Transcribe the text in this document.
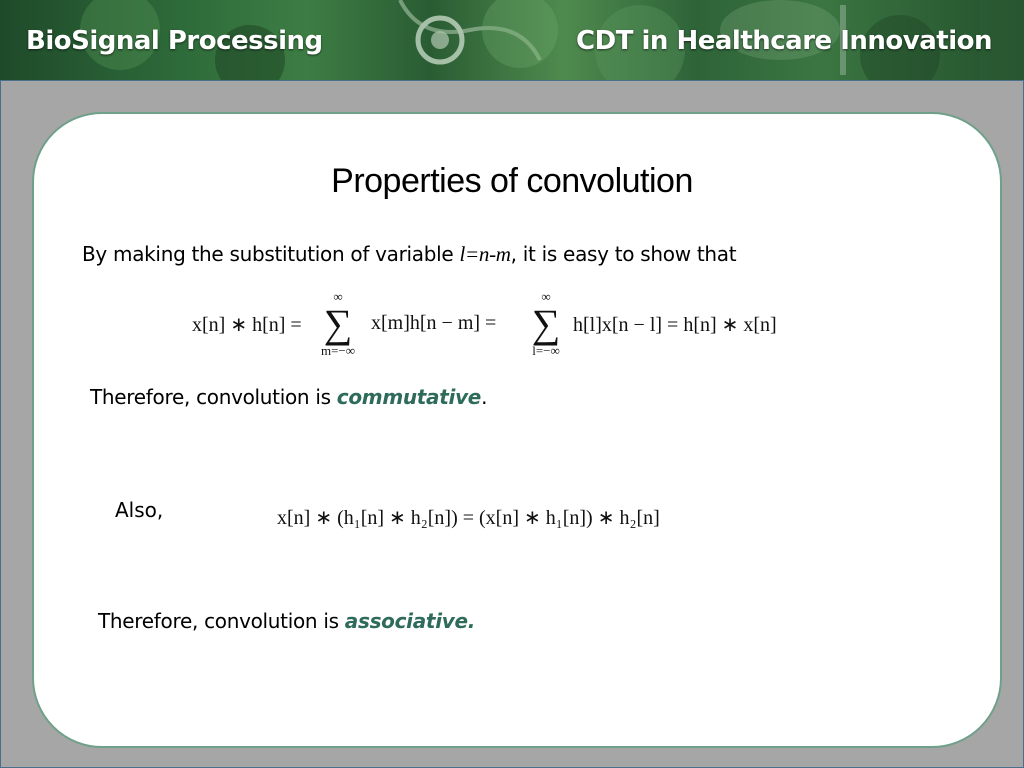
BioSignal Processing	CDT in Healthcare Innovation
Properties of convolution
By making the substitution of variable l=n-m, it is easy to show that
x[n] ∗ h[n] =
∞
∑
m=−∞
x[m]h[n − m] =
∞
∑
l=−∞
h[l]x[n − l] = h[n] ∗ x[n]
Therefore, convolution is commutative.
Also,	x[n] ∗ (h₁[n] ∗ h₂[n]) = (x[n] ∗ h₁[n]) ∗ h₂[n]
Therefore, convolution is associative.
